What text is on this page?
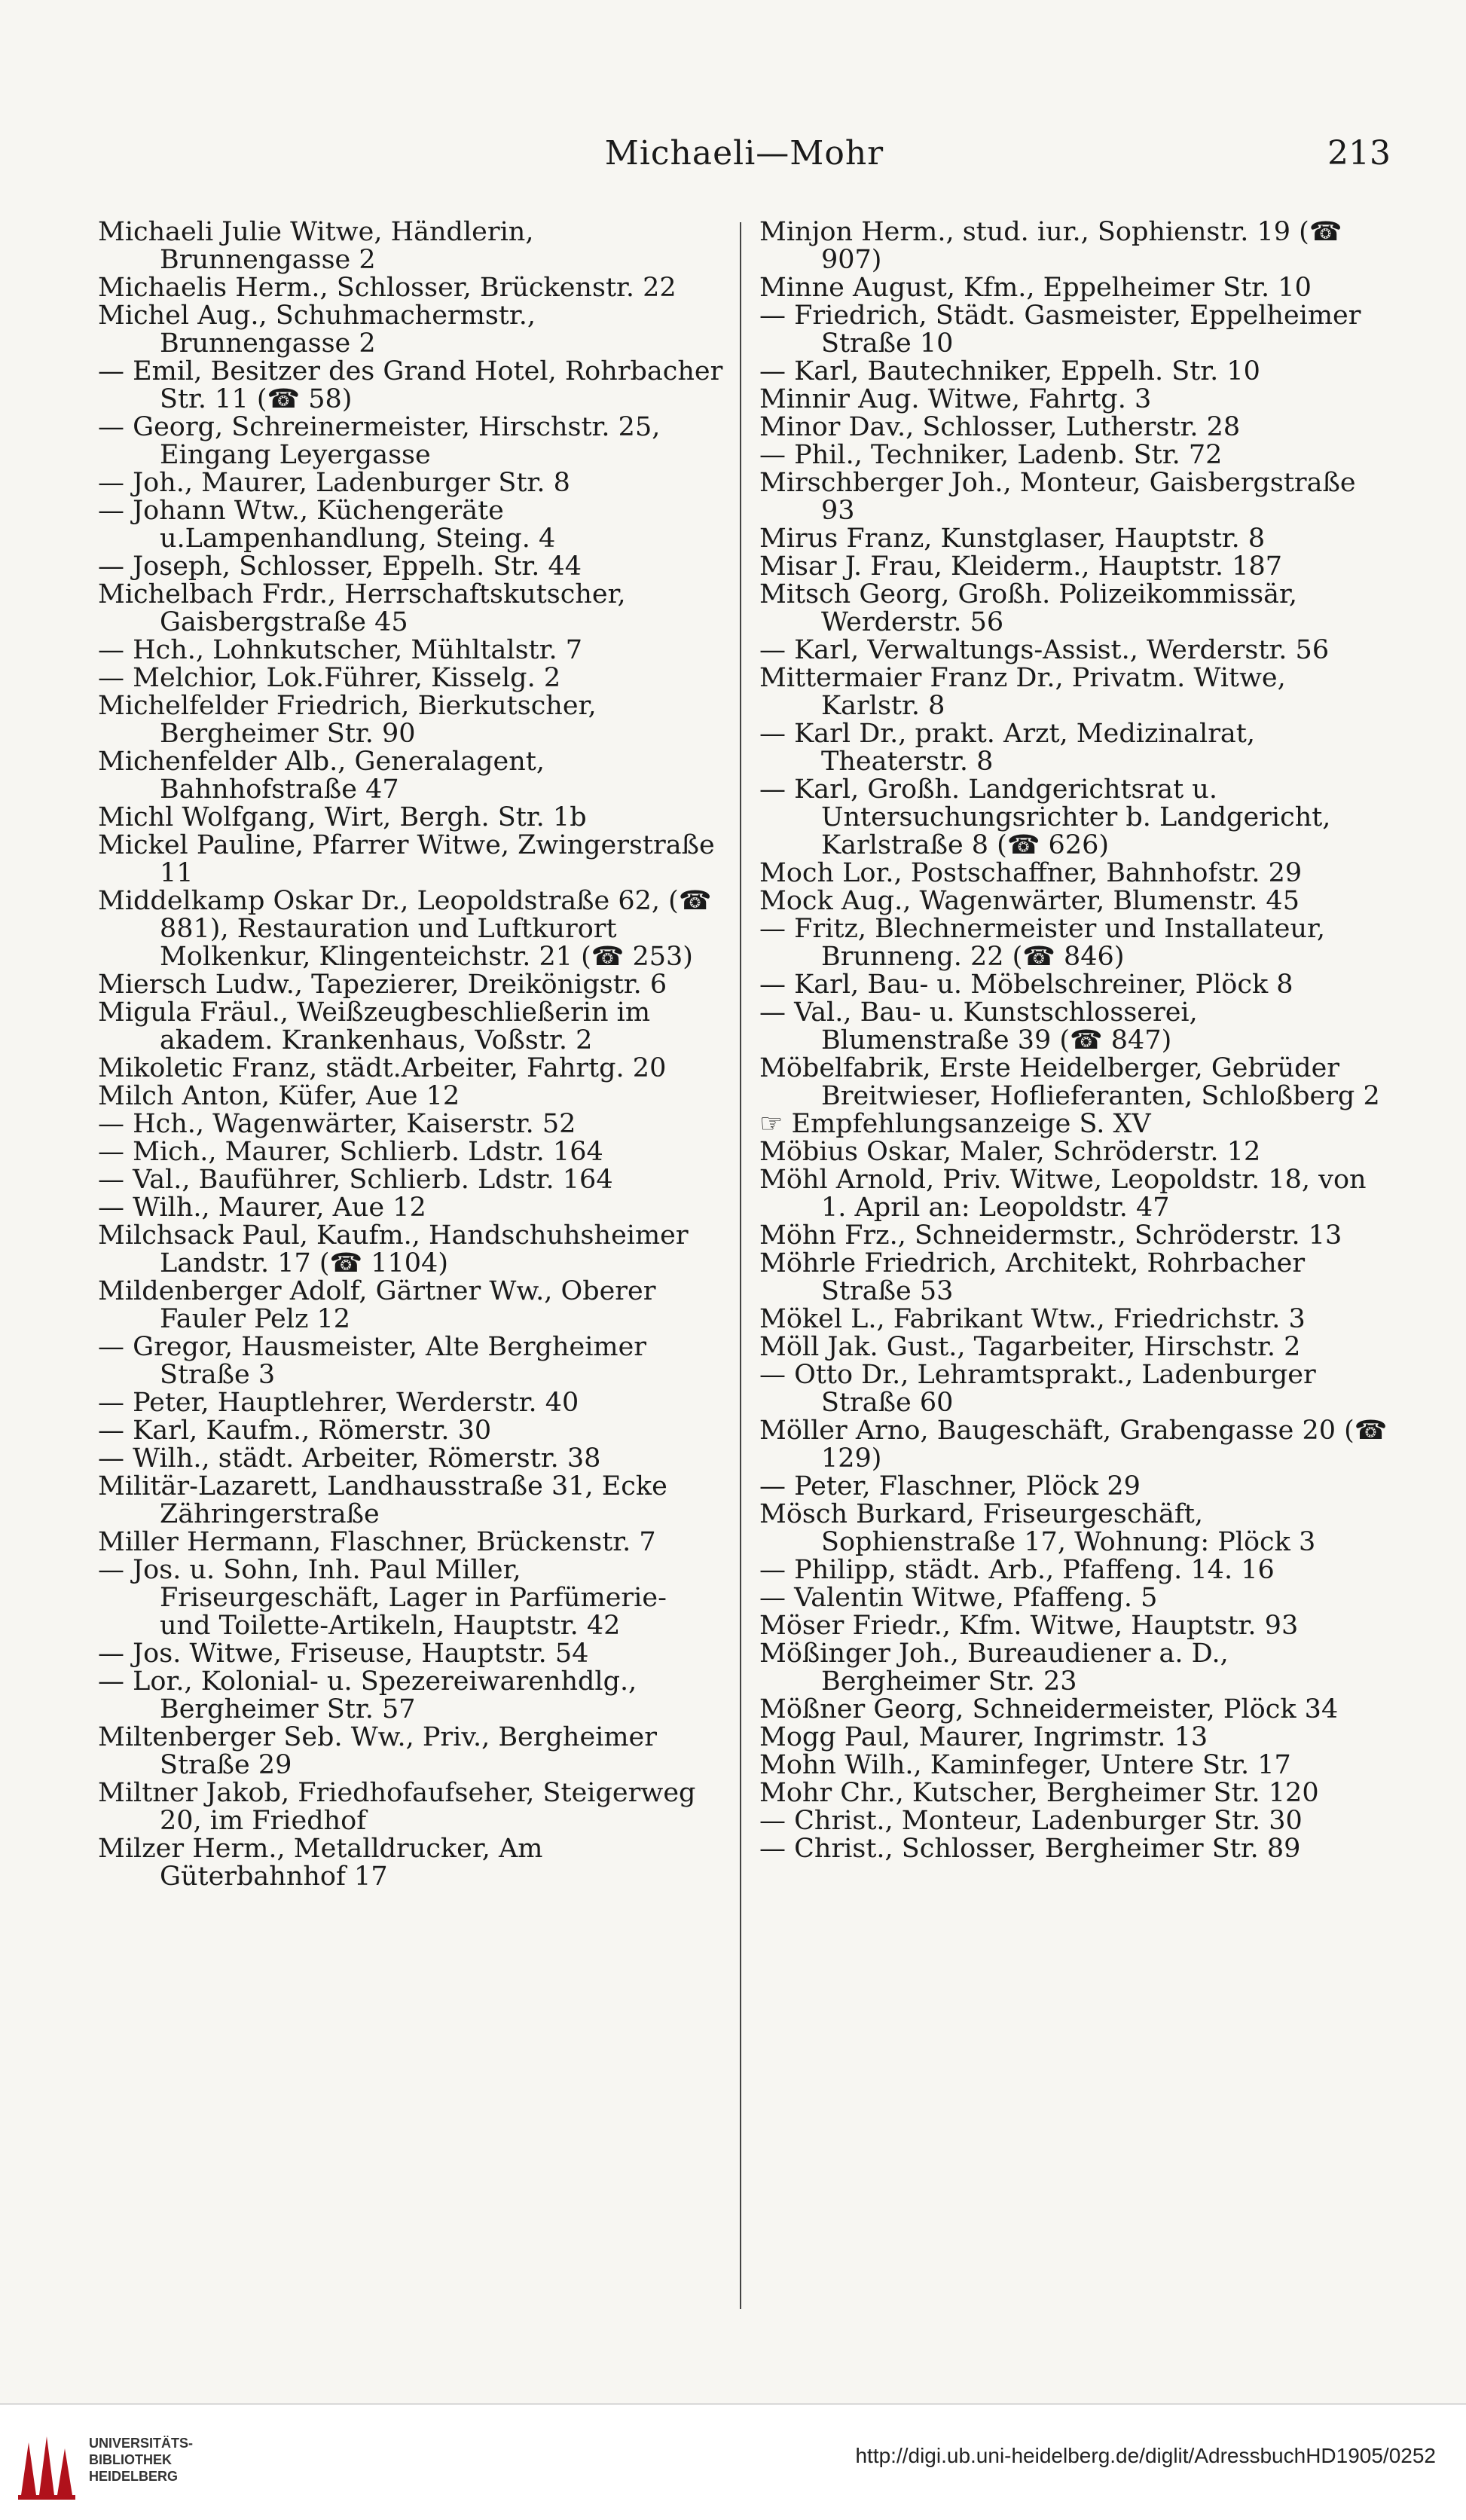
Michaeli—Mohr	213

Michaeli Julie Witwe, Händlerin, Brunnengasse 2

Michaelis Herm., Schlosser, Brückenstr. 22

Michel Aug., Schuhmachermstr., Brunnengasse 2

— Emil, Besitzer des Grand Hotel, Rohrbacher Str. 11 (☎ 58)

— Georg, Schreinermeister, Hirschstr. 25, Eingang Leyergasse

— Joh., Maurer, Ladenburger Str. 8

— Johann Wtw., Küchengeräte u.Lampenhandlung, Steing. 4

— Joseph, Schlosser, Eppelh. Str. 44

Michelbach Frdr., Herrschaftskutscher, Gaisbergstraße 45

— Hch., Lohnkutscher, Mühltalstr. 7

— Melchior, Lok.Führer, Kisselg. 2

Michelfelder Friedrich, Bierkutscher, Bergheimer Str. 90

Michenfelder Alb., Generalagent, Bahnhofstraße 47

Michl Wolfgang, Wirt, Bergh. Str. 1b

Mickel Pauline, Pfarrer Witwe, Zwingerstraße 11

Middelkamp Oskar Dr., Leopoldstraße 62, (☎ 881), Restauration und Luftkurort Molkenkur, Klingenteichstr. 21 (☎ 253)

Miersch Ludw., Tapezierer, Dreikönigstr. 6

Migula Fräul., Weißzeugbeschließerin im akadem. Krankenhaus, Voßstr. 2

Mikoletic Franz, städt.Arbeiter, Fahrtg. 20

Milch Anton, Küfer, Aue 12

— Hch., Wagenwärter, Kaiserstr. 52

— Mich., Maurer, Schlierb. Ldstr. 164

— Val., Bauführer, Schlierb. Ldstr. 164

— Wilh., Maurer, Aue 12

Milchsack Paul, Kaufm., Handschuhsheimer Landstr. 17 (☎ 1104)

Mildenberger Adolf, Gärtner Ww., Oberer Fauler Pelz 12

— Gregor, Hausmeister, Alte Bergheimer Straße 3

— Peter, Hauptlehrer, Werderstr. 40

— Karl, Kaufm., Römerstr. 30

— Wilh., städt. Arbeiter, Römerstr. 38

Militär-Lazarett, Landhausstraße 31, Ecke Zähringerstraße

Miller Hermann, Flaschner, Brückenstr. 7

— Jos. u. Sohn, Inh. Paul Miller, Friseurgeschäft, Lager in Parfümerie- und Toilette-Artikeln, Hauptstr. 42

— Jos. Witwe, Friseuse, Hauptstr. 54

— Lor., Kolonial- u. Spezereiwarenhdlg., Bergheimer Str. 57

Miltenberger Seb. Ww., Priv., Bergheimer Straße 29

Miltner Jakob, Friedhofaufseher, Steigerweg 20, im Friedhof

Milzer Herm., Metalldrucker, Am Güterbahnhof 17

Minjon Herm., stud. iur., Sophienstr. 19 (☎ 907)

Minne August, Kfm., Eppelheimer Str. 10

— Friedrich, Städt. Gasmeister, Eppelheimer Straße 10

— Karl, Bautechniker, Eppelh. Str. 10

Minnir Aug. Witwe, Fahrtg. 3

Minor Dav., Schlosser, Lutherstr. 28

— Phil., Techniker, Ladenb. Str. 72

Mirschberger Joh., Monteur, Gaisbergstraße 93

Mirus Franz, Kunstglaser, Hauptstr. 8

Misar J. Frau, Kleiderm., Hauptstr. 187

Mitsch Georg, Großh. Polizeikommissär, Werderstr. 56

— Karl, Verwaltungs-Assist., Werderstr. 56

Mittermaier Franz Dr., Privatm. Witwe, Karlstr. 8

— Karl Dr., prakt. Arzt, Medizinalrat, Theaterstr. 8

— Karl, Großh. Landgerichtsrat u. Untersuchungsrichter b. Landgericht, Karlstraße 8 (☎ 626)

Moch Lor., Postschaffner, Bahnhofstr. 29

Mock Aug., Wagenwärter, Blumenstr. 45

— Fritz, Blechnermeister und Installateur, Brunneng. 22 (☎ 846)

— Karl, Bau- u. Möbelschreiner, Plöck 8

— Val., Bau- u. Kunstschlosserei, Blumenstraße 39 (☎ 847)

Möbelfabrik, Erste Heidelberger, Gebrüder Breitwieser, Hoflieferanten, Schloßberg 2

☞ Empfehlungsanzeige S. XV

Möbius Oskar, Maler, Schröderstr. 12

Möhl Arnold, Priv. Witwe, Leopoldstr. 18, von 1. April an: Leopoldstr. 47

Möhn Frz., Schneidermstr., Schröderstr. 13

Möhrle Friedrich, Architekt, Rohrbacher Straße 53

Mökel L., Fabrikant Wtw., Friedrichstr. 3

Möll Jak. Gust., Tagarbeiter, Hirschstr. 2

— Otto Dr., Lehramtsprakt., Ladenburger Straße 60

Möller Arno, Baugeschäft, Grabengasse 20 (☎ 129)

— Peter, Flaschner, Plöck 29

Mösch Burkard, Friseurgeschäft, Sophienstraße 17, Wohnung: Plöck 3

— Philipp, städt. Arb., Pfaffeng. 14. 16

— Valentin Witwe, Pfaffeng. 5

Möser Friedr., Kfm. Witwe, Hauptstr. 93

Mößinger Joh., Bureaudiener a. D., Bergheimer Str. 23

Mößner Georg, Schneidermeister, Plöck 34

Mogg Paul, Maurer, Ingrimstr. 13

Mohn Wilh., Kaminfeger, Untere Str. 17

Mohr Chr., Kutscher, Bergheimer Str. 120

— Christ., Monteur, Ladenburger Str. 30

— Christ., Schlosser, Bergheimer Str. 89

UNIVERSITÄTS-
BIBLIOTHEK
HEIDELBERG
http://digi.ub.uni-heidelberg.de/diglit/AdressbuchHD1905/0252
